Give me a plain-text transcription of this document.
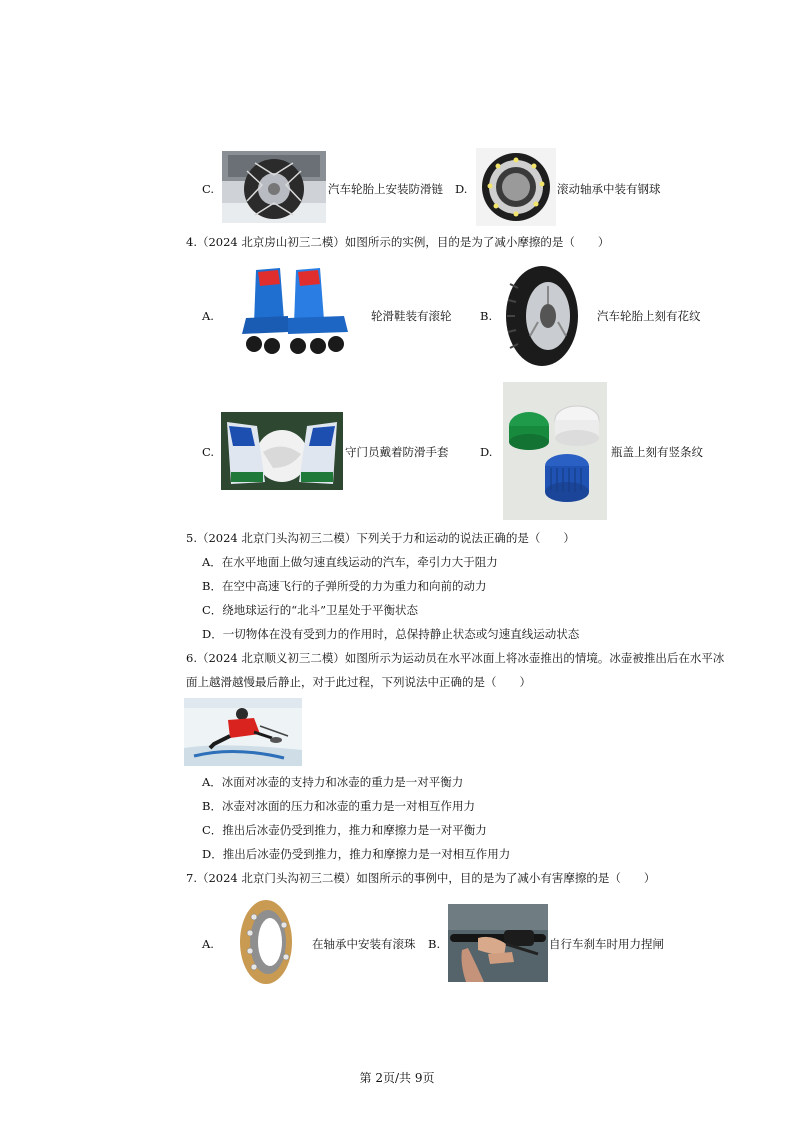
C.	汽车轮胎上安装防滑链 D.	滚动轴承中装有钢球
4.（2024 北京房山初三二模）如图所示的实例，目的是为了减小摩擦的是（　　）
A.	轮滑鞋装有滚轮 B.	汽车轮胎上刻有花纹
C.	守门员戴着防滑手套	D.	瓶盖上刻有竖条纹
5.（2024 北京门头沟初三二模）下列关于力和运动的说法正确的是（　　）
A．在水平地面上做匀速直线运动的汽车，牵引力大于阻力
B．在空中高速飞行的子弹所受的力为重力和向前的动力
C．绕地球运行的“北斗”卫星处于平衡状态
D．一切物体在没有受到力的作用时，总保持静止状态或匀速直线运动状态
6.（2024 北京顺义初三二模）如图所示为运动员在水平冰面上将冰壶推出的情境。冰壶被推出后在水平冰
面上越滑越慢最后静止，对于此过程，下列说法中正确的是（　　）
A．冰面对冰壶的支持力和冰壶的重力是一对平衡力
B．冰壶对冰面的压力和冰壶的重力是一对相互作用力
C．推出后冰壶仍受到推力，推力和摩擦力是一对平衡力
D．推出后冰壶仍受到推力，推力和摩擦力是一对相互作用力
7.（2024 北京门头沟初三二模）如图所示的事例中，目的是为了减小有害摩擦的是（　　）
A.	在轴承中安装有滚珠 B.	自行车刹车时用力捏闸
第 2页/共 9页
